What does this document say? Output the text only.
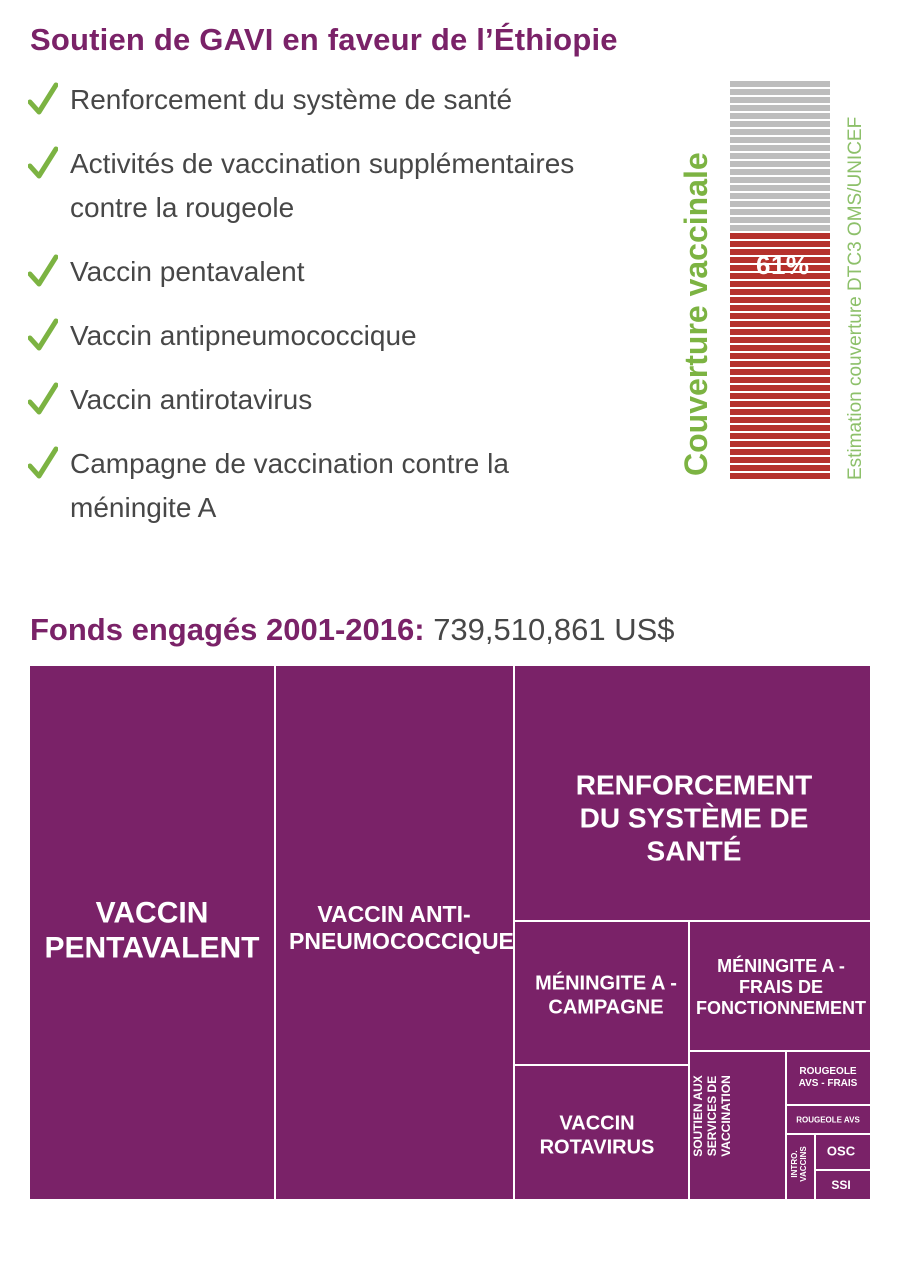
Soutien de GAVI en faveur de l’Éthiopie
Renforcement du système de santé
Activités de vaccination supplémentaires contre la rougeole
Vaccin pentavalent
Vaccin antipneumococcique
Vaccin antirotavirus
Campagne de vaccination contre la méningite A
61%
Couverture vaccinale	Estimation couverture DTC3 OMS/UNICEF

Fonds engagés 2001-2016: 739,510,861 US$

VACCIN PENTAVALENT
VACCIN ANTI-PNEUMOCOCCIQUE
RENFORCEMENT DU SYSTÈME DE SANTÉ
MÉNINGITE A - CAMPAGNE
MÉNINGITE A - FRAIS DE FONCTIONNEMENT
VACCIN ROTAVIRUS
ROUGEOLE AVS - FRAIS
ROUGEOLE AVS
OSC
SSI
SOUTIEN AUX SERVICES DE VACCINATION
INTRO. VACCINS
